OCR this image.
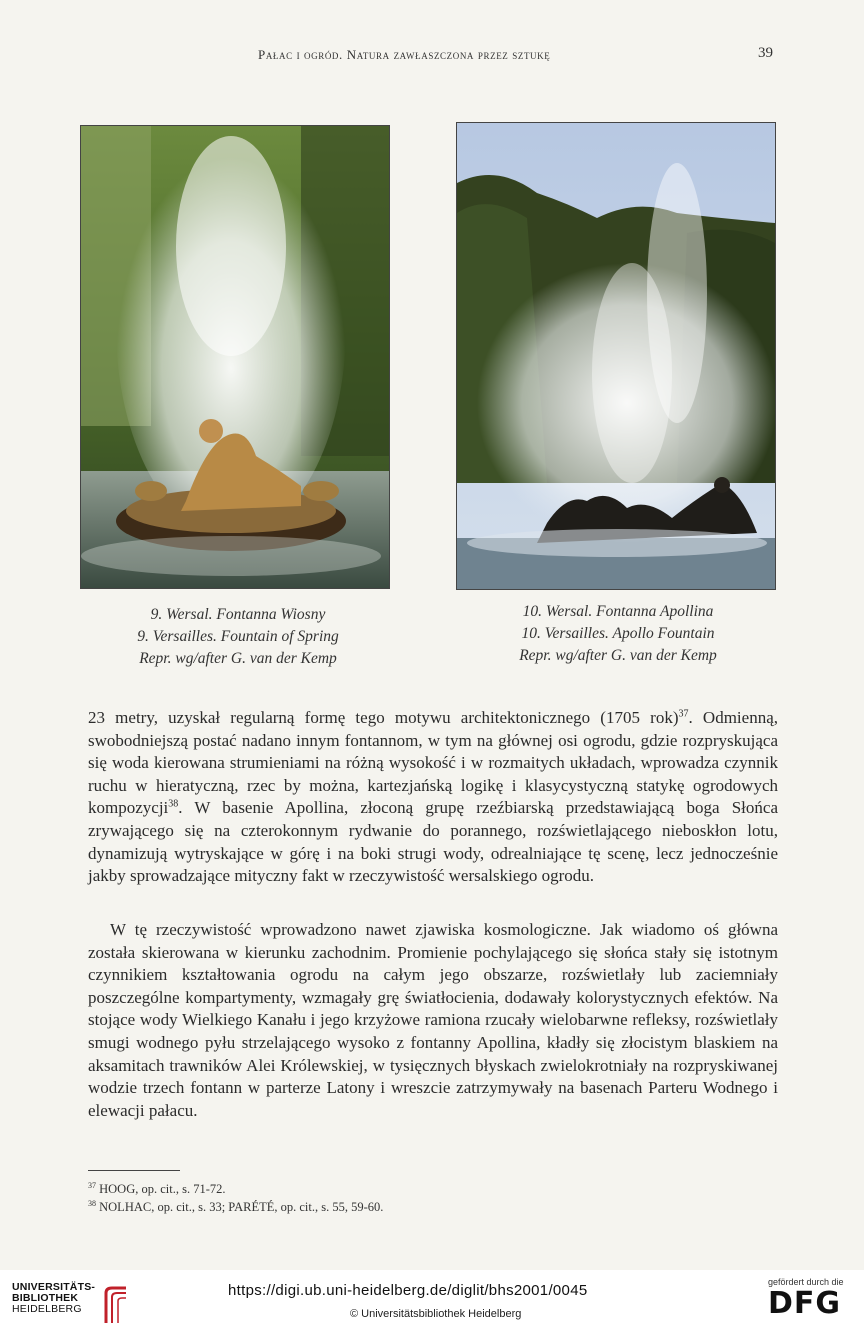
Pałac i ogród. Natura zawłaszczona przez sztukę	39
9. Wersal. Fontanna Wiosny
9. Versailles. Fountain of Spring
Repr. wg/after G. van der Kemp
10. Wersal. Fontanna Apollina
10. Versailles. Apollo Fountain
Repr. wg/after G. van der Kemp

23 metry, uzyskał regularną formę tego motywu architektonicznego (1705 rok)$^{37}$. Odmienną, swobodniejszą postać nadano innym fontannom, w tym na głównej osi ogrodu, gdzie rozpryskująca się woda kierowana strumieniami na różną wysokość i w rozmaitych układach, wprowadza czynnik ruchu w hieratyczną, rzec by można, kartezjańską logikę i klasycystyczną statykę ogrodowych kompozycji$^{38}$. W basenie Apollina, złoconą grupę rzeźbiarską przedstawiającą boga Słońca zrywającego się na czterokonnym rydwanie do porannego, rozświetlającego nieboskłon lotu, dynamizują wytryskające w górę i na boki strugi wody, odrealniające tę scenę, lecz jednocześnie jakby sprowadzające mityczny fakt w rzeczywistość wersalskiego ogrodu.

W tę rzeczywistość wprowadzono nawet zjawiska kosmologiczne. Jak wiadomo oś główna została skierowana w kierunku zachodnim. Promienie pochylającego się słońca stały się istotnym czynnikiem kształtowania ogrodu na całym jego obszarze, rozświetlały lub zaciemniały poszczególne kompartymenty, wzmagały grę światłocienia, dodawały kolorystycznych efektów. Na stojące wody Wielkiego Kanału i jego krzyżowe ramiona rzucały wielobarwne refleksy, rozświetlały smugi wodnego pyłu strzelającego wysoko z fontanny Apollina, kładły się złocistym blaskiem na aksamitach trawników Alei Królewskiej, w tysięcznych błyskach zwielokrotniały na rozpryskiwanej wodzie trzech fontann w parterze Latony i wreszcie zatrzymywały na basenach Parteru Wodnego i elewacji pałacu.

$^{37}$ HOOG, op. cit., s. 71-72.
$^{38}$ NOLHAC, op. cit., s. 33; PARÉTÉ, op. cit., s. 55, 59-60.
UNIVERSITÄTS-
BIBLIOTHEK
HEIDELBERG
https://digi.ub.uni-heidelberg.de/diglit/bhs2001/0045
© Universitätsbibliothek Heidelberg
gefördert durch die
DFG
